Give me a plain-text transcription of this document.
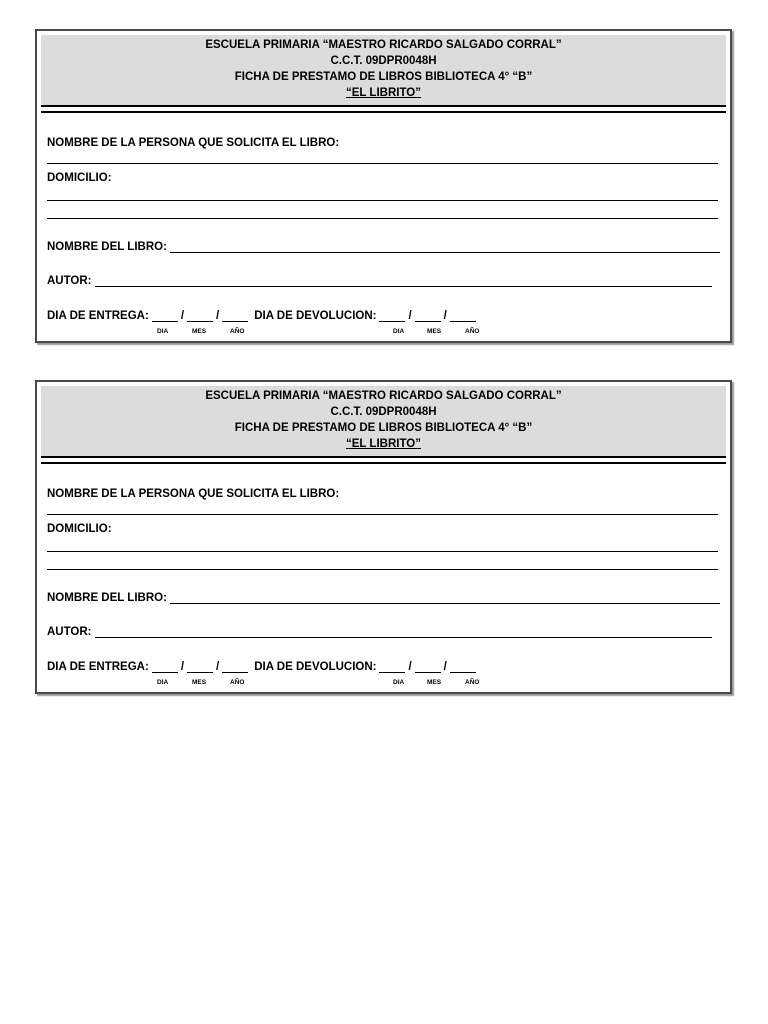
ESCUELA PRIMARIA “MAESTRO RICARDO SALGADO CORRAL”
C.C.T. 09DPR0048H
FICHA DE PRESTAMO DE LIBROS BIBLIOTECA 4° “B”
“EL LIBRITO”
NOMBRE DE LA PERSONA QUE SOLICITA EL LIBRO:
DOMICILIO:
NOMBRE DEL LIBRO:
AUTOR:
DIA DE ENTREGA:	/	/	DIA DE DEVOLUCION:	/	/
DIA	MES	AÑO	DIA	MES	AÑO
ESCUELA PRIMARIA “MAESTRO RICARDO SALGADO CORRAL”
C.C.T. 09DPR0048H
FICHA DE PRESTAMO DE LIBROS BIBLIOTECA 4° “B”
“EL LIBRITO”
NOMBRE DE LA PERSONA QUE SOLICITA EL LIBRO:
DOMICILIO:
NOMBRE DEL LIBRO:
AUTOR:
DIA DE ENTREGA:	/	/	DIA DE DEVOLUCION:	/	/
DIA	MES	AÑO	DIA	MES	AÑO
